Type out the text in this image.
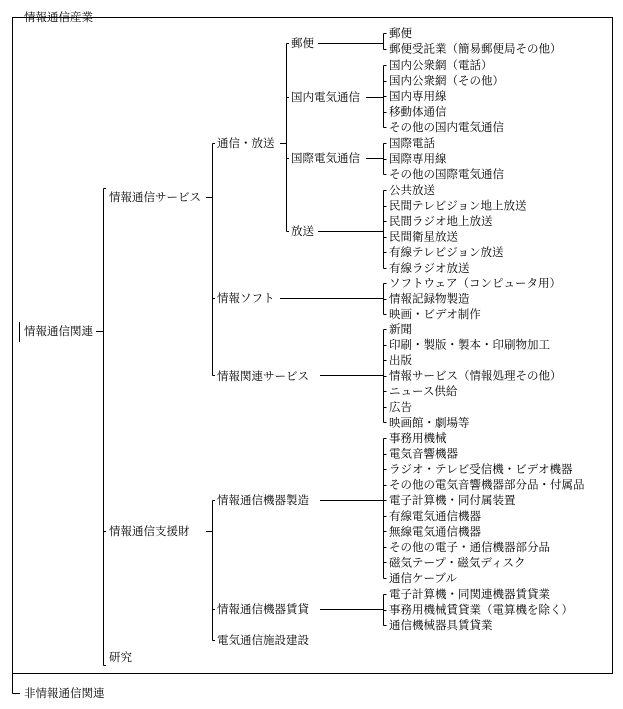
情報通信産業
非情報通信関連
情報通信関連
情報通信サービス
情報通信支援財
研究
通信・放送
情報ソフト
情報関連サービス
情報通信機器製造
情報通信機器賃貸
電気通信施設建設
郵便
国内電気通信
国際電気通信
放送
郵便
郵便受託業（簡易郵便局その他）
国内公衆網（電話）
国内公衆網（その他）
国内専用線
移動体通信
その他の国内電気通信
国際電話
国際専用線
その他の国際電気通信
公共放送
民間テレビジョン地上放送
民間ラジオ地上放送
民間衛星放送
有線テレビジョン放送
有線ラジオ放送
ソフトウェア（コンピュータ用）
情報記録物製造
映画・ビデオ制作
新聞
印刷・製版・製本・印刷物加工
出版
情報サービス（情報処理その他）
ニュース供給
広告
映画館・劇場等
事務用機械
電気音響機器
ラジオ・テレビ受信機・ビデオ機器
その他の電気音響機器部分品・付属品
電子計算機・同付属装置
有線電気通信機器
無線電気通信機器
その他の電子・通信機器部分品
磁気テープ・磁気ディスク
通信ケーブル
電子計算機・同関連機器賃貸業
事務用機械賃貸業（電算機を除く）
通信機械器具賃貸業
